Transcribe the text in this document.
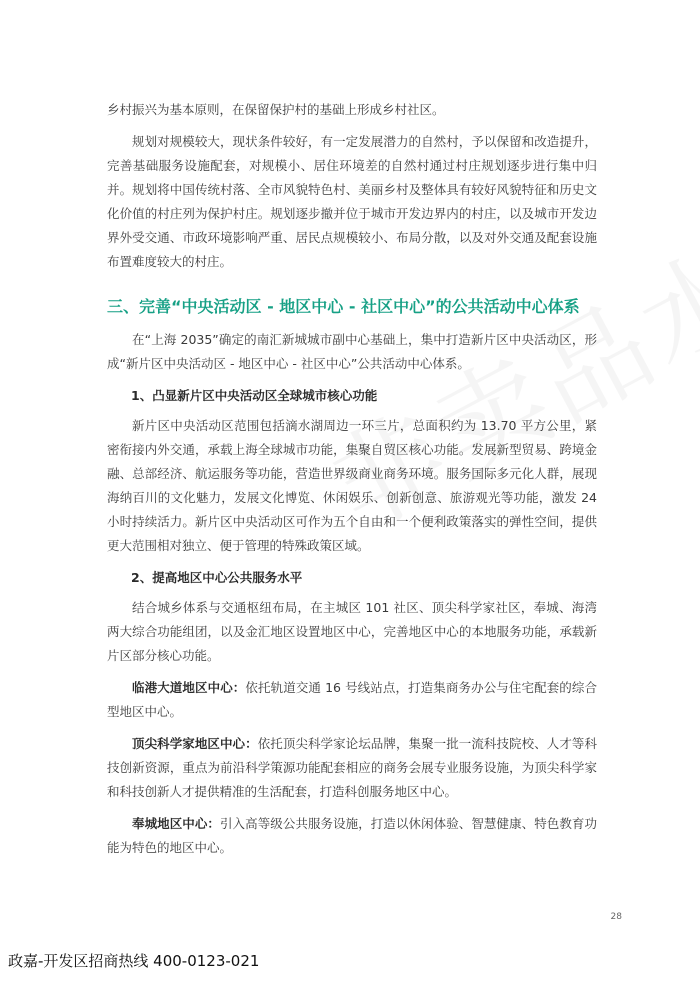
乡村振兴为基本原则，在保留保护村的基础上形成乡村社区。

规划对规模较大，现状条件较好，有一定发展潜力的自然村，予以保留和改造提升，完善基础服务设施配套，对规模小、居住环境差的自然村通过村庄规划逐步进行集中归并。规划将中国传统村落、全市风貌特色村、美丽乡村及整体具有较好风貌特征和历史文化价值的村庄列为保护村庄。规划逐步撤并位于城市开发边界内的村庄，以及城市开发边界外受交通、市政环境影响严重、居民点规模较小、布局分散，以及对外交通及配套设施布置难度较大的村庄。

三、完善“中央活动区 - 地区中心 - 社区中心”的公共活动中心体系

在“上海 2035”确定的南汇新城城市副中心基础上，集中打造新片区中央活动区，形成“新片区中央活动区 - 地区中心 - 社区中心”公共活动中心体系。

1、凸显新片区中央活动区全球城市核心功能

新片区中央活动区范围包括滴水湖周边一环三片，总面积约为 13.70 平方公里，紧密衔接内外交通，承载上海全球城市功能，集聚自贸区核心功能。发展新型贸易、跨境金融、总部经济、航运服务等功能，营造世界级商业商务环境。服务国际多元化人群，展现海纳百川的文化魅力，发展文化博览、休闲娱乐、创新创意、旅游观光等功能，激发 24 小时持续活力。新片区中央活动区可作为五个自由和一个便利政策落实的弹性空间，提供更大范围相对独立、便于管理的特殊政策区域。

2、提高地区中心公共服务水平

结合城乡体系与交通枢纽布局，在主城区 101 社区、顶尖科学家社区，奉城、海湾两大综合功能组团，以及金汇地区设置地区中心，完善地区中心的本地服务功能，承载新片区部分核心功能。

临港大道地区中心：依托轨道交通 16 号线站点，打造集商务办公与住宅配套的综合型地区中心。

顶尖科学家地区中心：依托顶尖科学家论坛品牌，集聚一批一流科技院校、人才等科技创新资源，重点为前沿科学策源功能配套相应的商务会展专业服务设施，为顶尖科学家和科技创新人才提供精准的生活配套，打造科创服务地区中心。

奉城地区中心：引入高等级公共服务设施，打造以休闲体验、智慧健康、特色教育功能为特色的地区中心。

28
政嘉-开发区招商热线 400-0123-021
